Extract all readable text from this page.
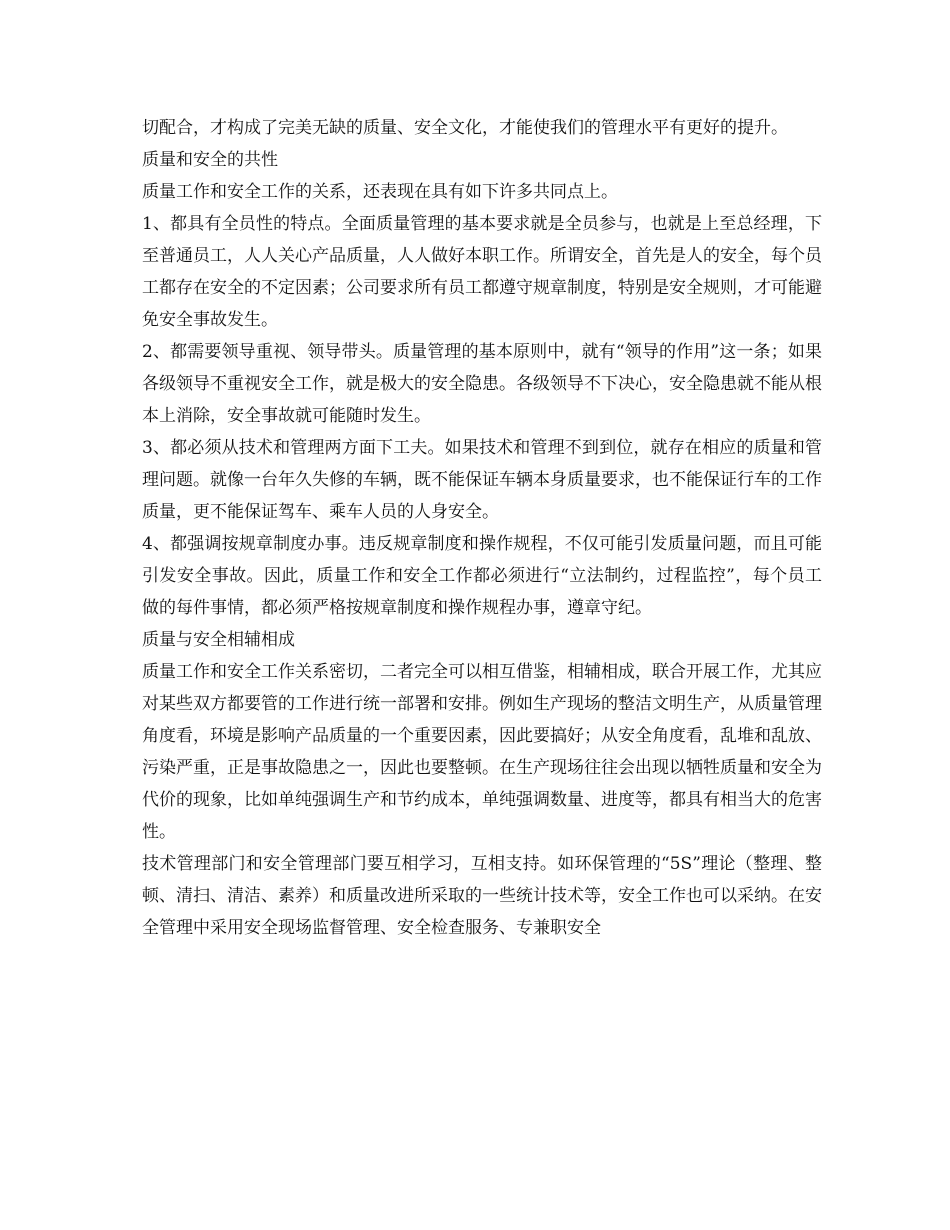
切配合，才构成了完美无缺的质量、安全文化，才能使我们的管理水平有更好的提升。

质量和安全的共性

质量工作和安全工作的关系，还表现在具有如下许多共同点上。

1、都具有全员性的特点。全面质量管理的基本要求就是全员参与，也就是上至总经理，下至普通员工，人人关心产品质量，人人做好本职工作。所谓安全，首先是人的安全，每个员工都存在安全的不定因素；公司要求所有员工都遵守规章制度，特别是安全规则，才可能避免安全事故发生。

2、都需要领导重视、领导带头。质量管理的基本原则中，就有“领导的作用”这一条；如果各级领导不重视安全工作，就是极大的安全隐患。各级领导不下决心，安全隐患就不能从根本上消除，安全事故就可能随时发生。

3、都必须从技术和管理两方面下工夫。如果技术和管理不到到位，就存在相应的质量和管理问题。就像一台年久失修的车辆，既不能保证车辆本身质量要求，也不能保证行车的工作质量，更不能保证驾车、乘车人员的人身安全。

4、都强调按规章制度办事。违反规章制度和操作规程，不仅可能引发质量问题，而且可能引发安全事故。因此，质量工作和安全工作都必须进行“立法制约，过程监控”，每个员工做的每件事情，都必须严格按规章制度和操作规程办事，遵章守纪。

质量与安全相辅相成

质量工作和安全工作关系密切，二者完全可以相互借鉴，相辅相成，联合开展工作，尤其应对某些双方都要管的工作进行统一部署和安排。例如生产现场的整洁文明生产，从质量管理角度看，环境是影响产品质量的一个重要因素，因此要搞好；从安全角度看，乱堆和乱放、污染严重，正是事故隐患之一，因此也要整顿。在生产现场往往会出现以牺牲质量和安全为代价的现象，比如单纯强调生产和节约成本，单纯强调数量、进度等，都具有相当大的危害性。

技术管理部门和安全管理部门要互相学习，互相支持。如环保管理的“5S”理论（整理、整顿、清扫、清洁、素养）和质量改进所采取的一些统计技术等，安全工作也可以采纳。在安全管理中采用安全现场监督管理、安全检查服务、专兼职安全
